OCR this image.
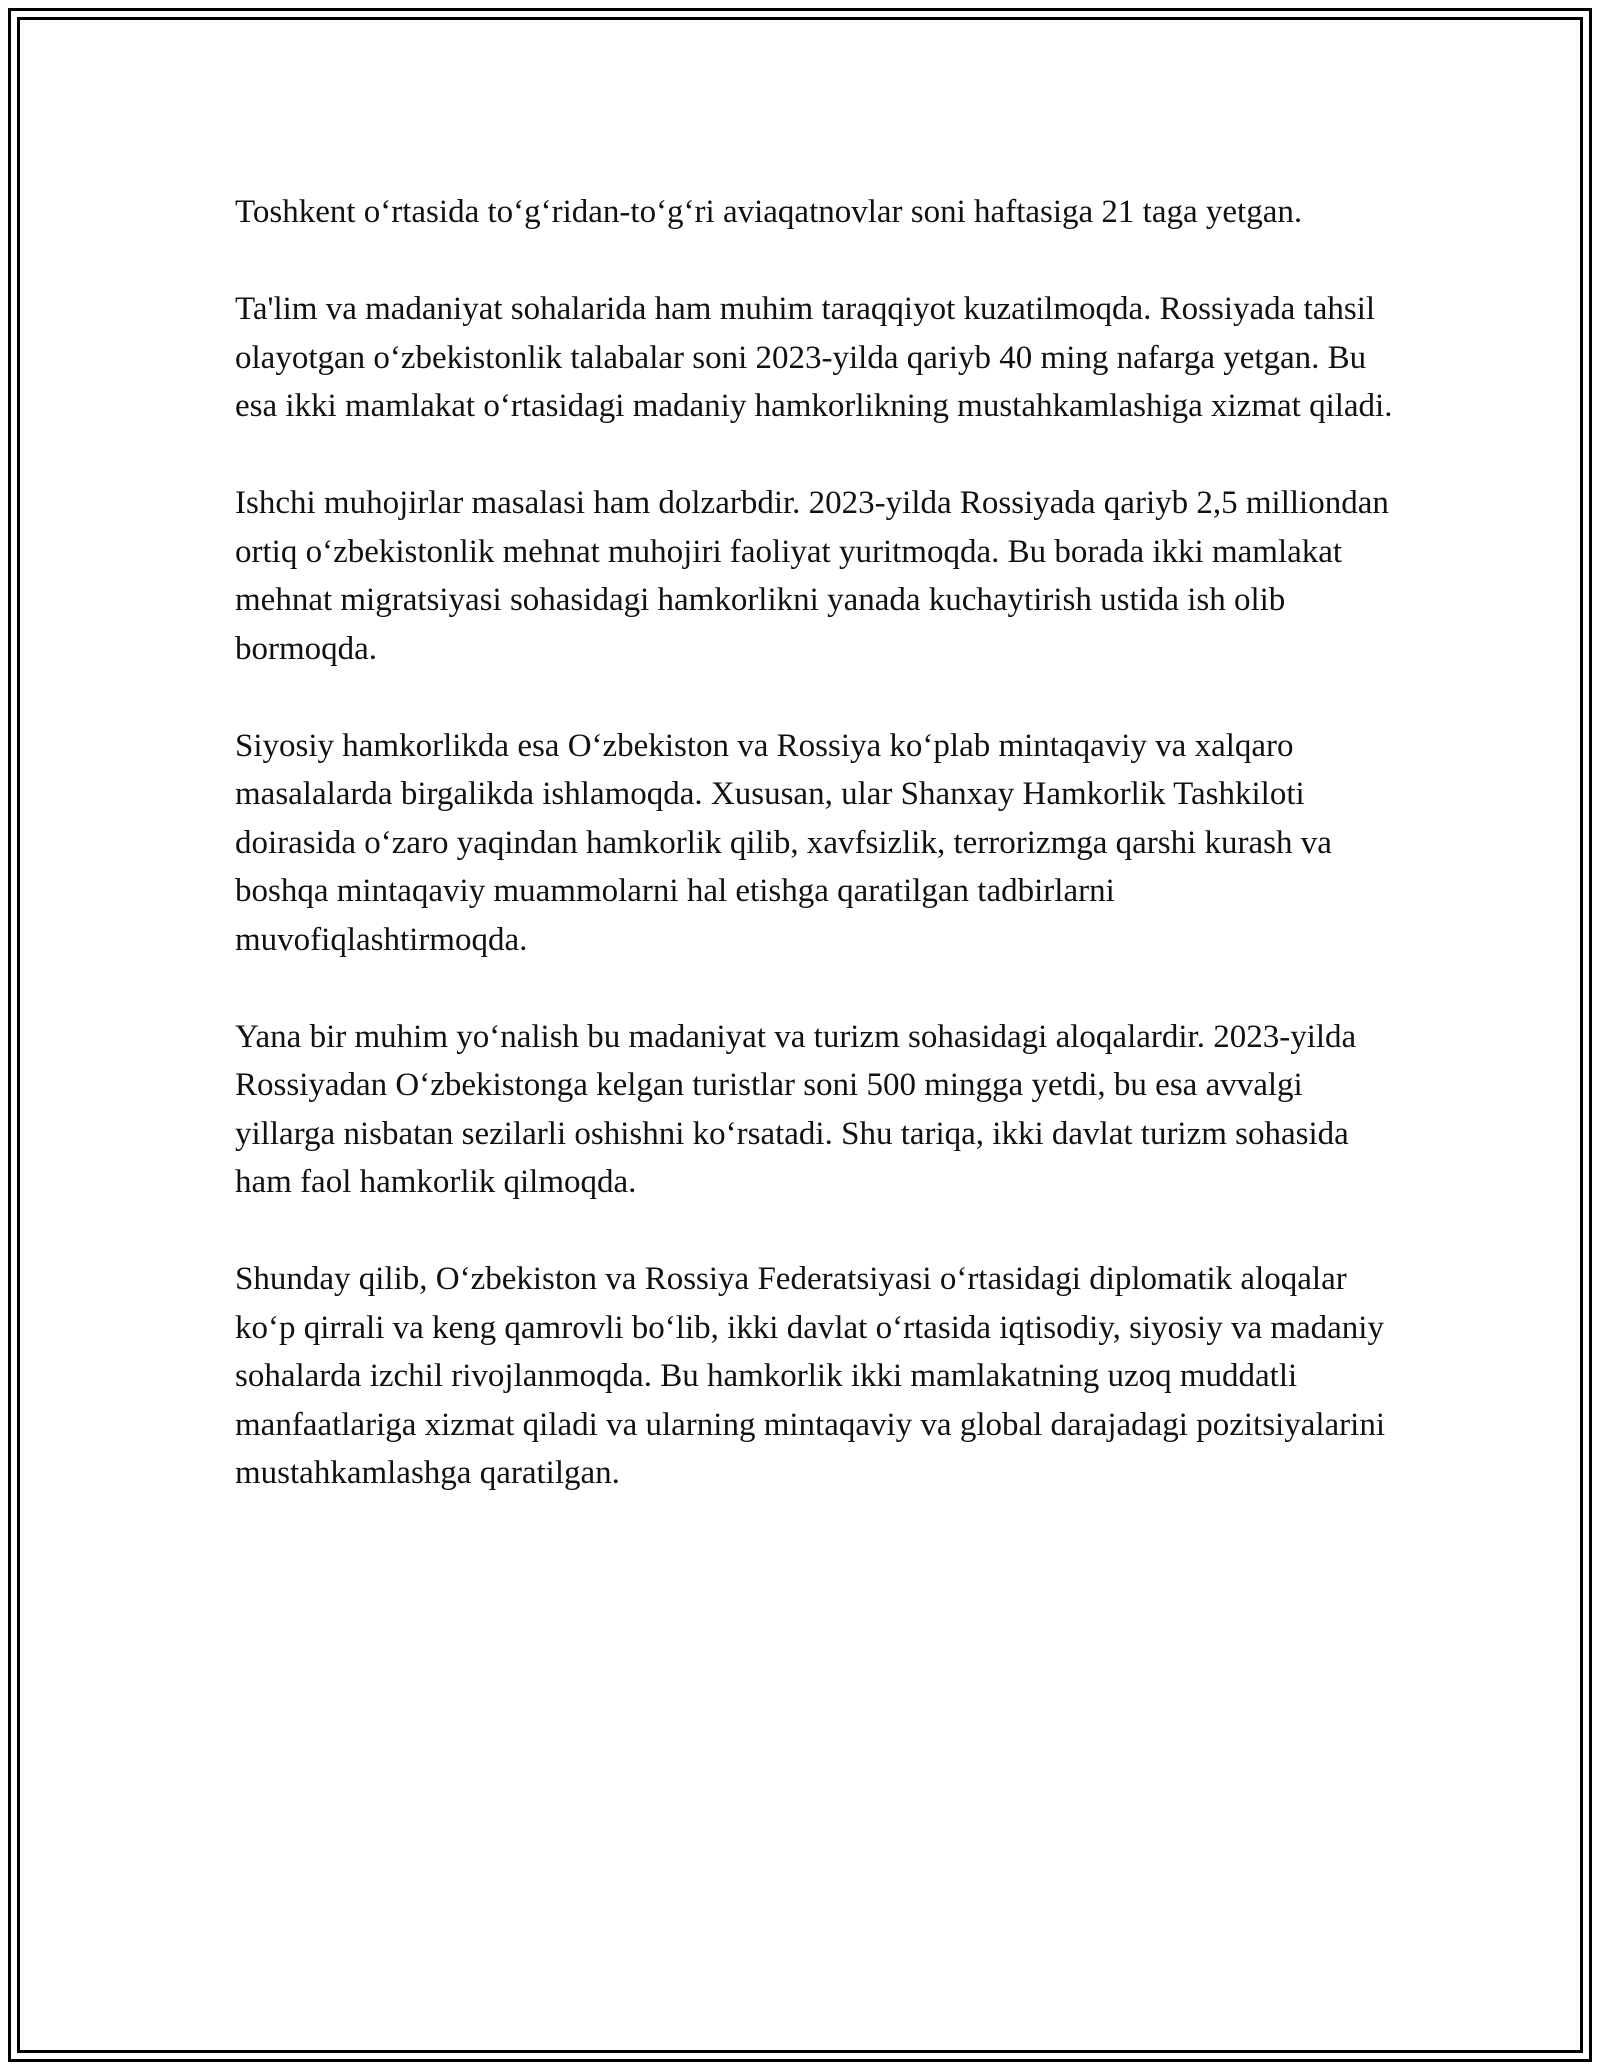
Toshkent o‘rtasida to‘g‘ridan-to‘g‘ri aviaqatnovlar soni haftasiga 21 taga yetgan.

Ta'lim va madaniyat sohalarida ham muhim taraqqiyot kuzatilmoqda. Rossiyada tahsil olayotgan o‘zbekistonlik talabalar soni 2023-yilda qariyb 40 ming nafarga yetgan. Bu esa ikki mamlakat o‘rtasidagi madaniy hamkorlikning mustahkamlashiga xizmat qiladi.

Ishchi muhojirlar masalasi ham dolzarbdir. 2023-yilda Rossiyada qariyb 2,5 milliondan ortiq o‘zbekistonlik mehnat muhojiri faoliyat yuritmoqda. Bu borada ikki mamlakat mehnat migratsiyasi sohasidagi hamkorlikni yanada kuchaytirish ustida ish olib bormoqda.

Siyosiy hamkorlikda esa O‘zbekiston va Rossiya ko‘plab mintaqaviy va xalqaro masalalarda birgalikda ishlamoqda. Xususan, ular Shanxay Hamkorlik Tashkiloti doirasida o‘zaro yaqindan hamkorlik qilib, xavfsizlik, terrorizmga qarshi kurash va boshqa mintaqaviy muammolarni hal etishga qaratilgan tadbirlarni muvofiqlashtirmoqda.

Yana bir muhim yo‘nalish bu madaniyat va turizm sohasidagi aloqalardir. 2023-yilda Rossiyadan O‘zbekistonga kelgan turistlar soni 500 mingga yetdi, bu esa avvalgi yillarga nisbatan sezilarli oshishni ko‘rsatadi. Shu tariqa, ikki davlat turizm sohasida ham faol hamkorlik qilmoqda.

Shunday qilib, O‘zbekiston va Rossiya Federatsiyasi o‘rtasidagi diplomatik aloqalar ko‘p qirrali va keng qamrovli bo‘lib, ikki davlat o‘rtasida iqtisodiy, siyosiy va madaniy sohalarda izchil rivojlanmoqda. Bu hamkorlik ikki mamlakatning uzoq muddatli manfaatlariga xizmat qiladi va ularning mintaqaviy va global darajadagi pozitsiyalarini mustahkamlashga qaratilgan.
